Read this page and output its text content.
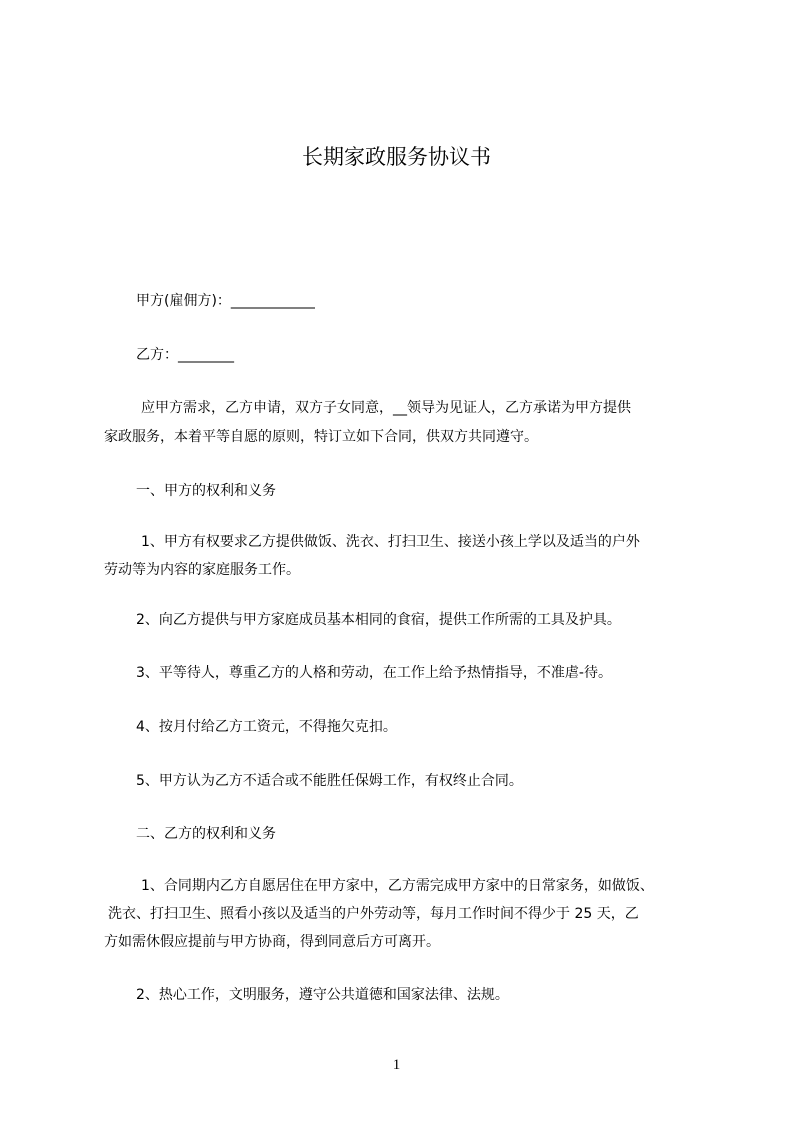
长期家政服务协议书
甲方(雇佣方)：____________
乙方：________
应甲方需求，乙方申请，双方子女同意，__领导为见证人，乙方承诺为甲方提供
家政服务，本着平等自愿的原则，特订立如下合同，供双方共同遵守。
一、甲方的权利和义务
1、甲方有权要求乙方提供做饭、洗衣、打扫卫生、接送小孩上学以及适当的户外
劳动等为内容的家庭服务工作。
2、向乙方提供与甲方家庭成员基本相同的食宿，提供工作所需的工具及护具。
3、平等待人，尊重乙方的人格和劳动，在工作上给予热情指导，不准虐-待。
4、按月付给乙方工资元，不得拖欠克扣。
5、甲方认为乙方不适合或不能胜任保姆工作，有权终止合同。
二、乙方的权利和义务
1、合同期内乙方自愿居住在甲方家中，乙方需完成甲方家中的日常家务，如做饭、
洗衣、打扫卫生、照看小孩以及适当的户外劳动等，每月工作时间不得少于 25 天，乙
方如需休假应提前与甲方协商，得到同意后方可离开。
2、热心工作，文明服务，遵守公共道德和国家法律、法规。
1
